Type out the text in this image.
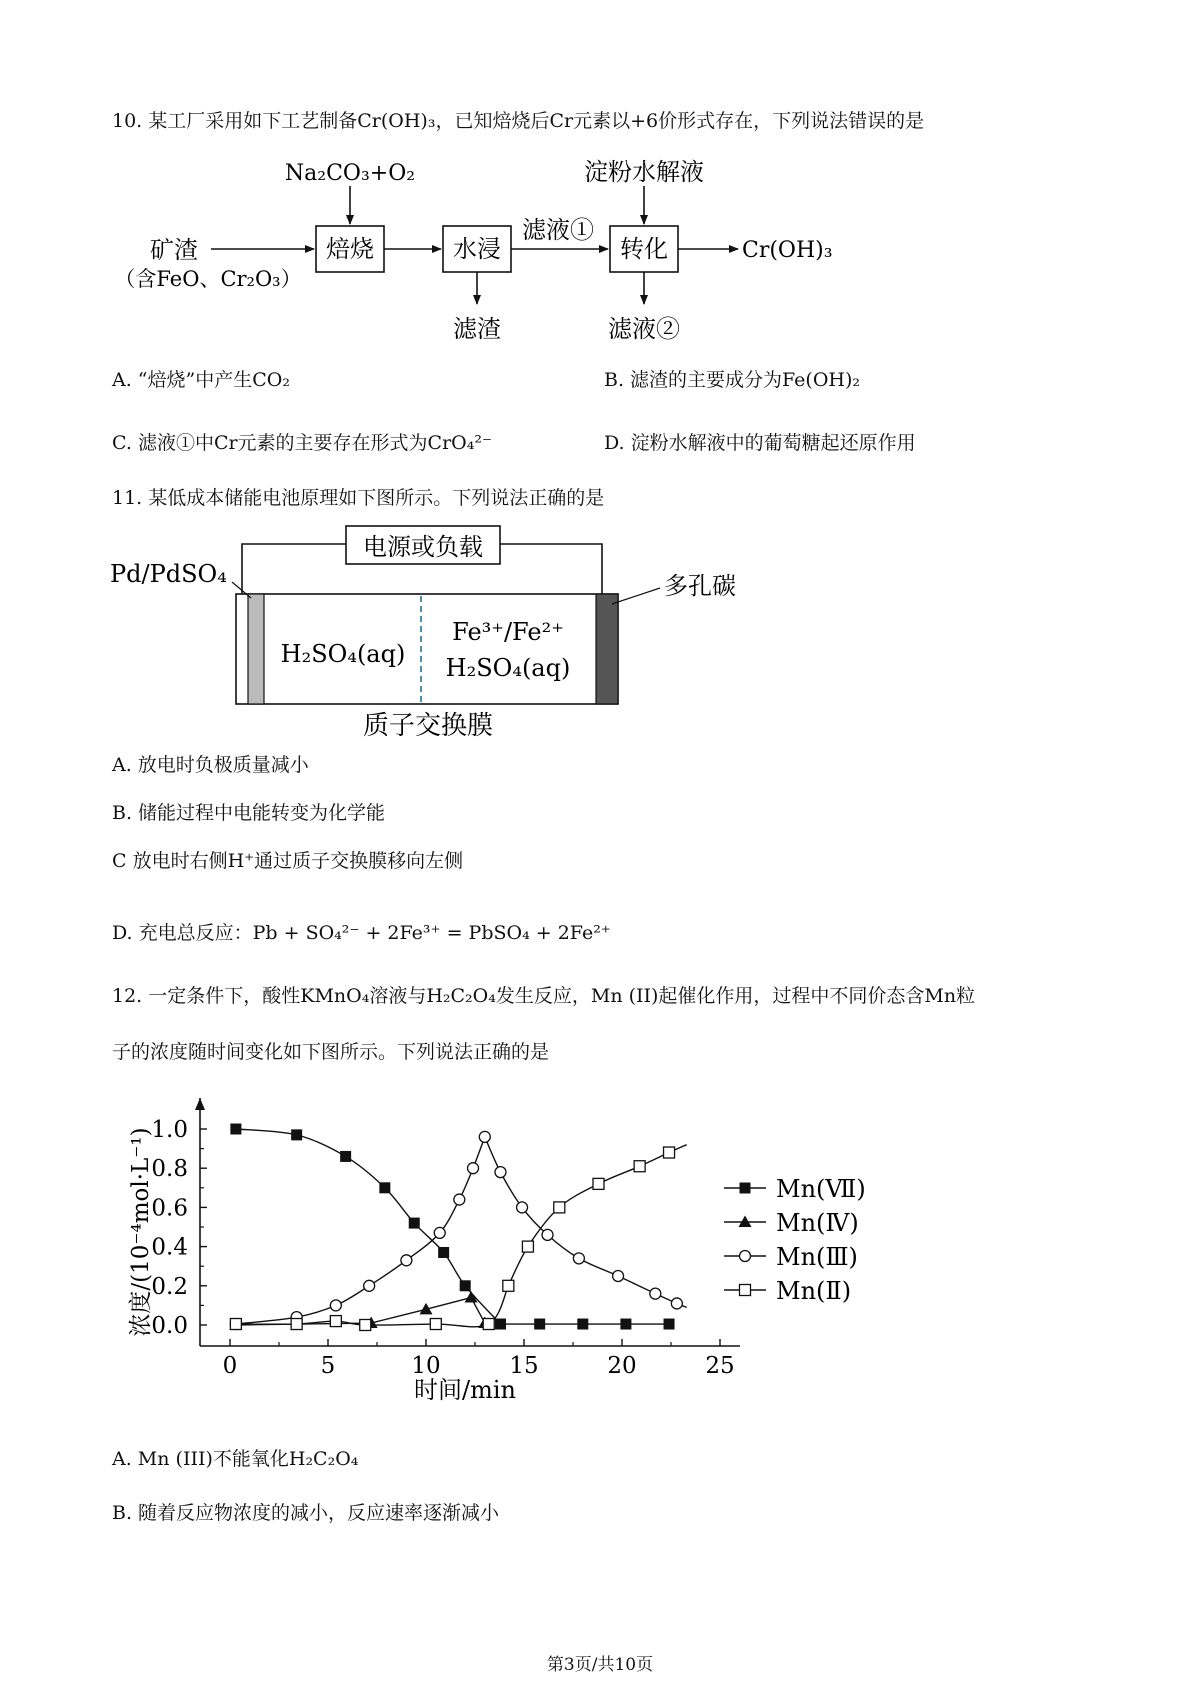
10. 某工厂采用如下工艺制备Cr(OH)₃，已知焙烧后Cr元素以+6价形式存在，下列说法错误的是
Na₂CO₃+O₂	淀粉水解液
矿渣
（含FeO、Cr₂O₃）
焙烧	水浸	转化
滤液①
Cr(OH)₃
滤渣	滤液②
A. “焙烧”中产生CO₂	B. 滤渣的主要成分为Fe(OH)₂
C. 滤液①中Cr元素的主要存在形式为CrO₄²⁻	D. 淀粉水解液中的葡萄糖起还原作用
11. 某低成本储能电池原理如下图所示。下列说法正确的是
电源或负载
Pd/PdSO₄	多孔碳
H₂SO₄(aq)
Fe³⁺/Fe²⁺
H₂SO₄(aq)
质子交换膜
A. 放电时负极质量减小
B. 储能过程中电能转变为化学能
C 放电时右侧H⁺通过质子交换膜移向左侧
D. 充电总反应：Pb + SO₄²⁻ + 2Fe³⁺ = PbSO₄ + 2Fe²⁺
12. 一定条件下，酸性KMnO₄溶液与H₂C₂O₄发生反应，Mn (II)起催化作用，过程中不同价态含Mn粒
子的浓度随时间变化如下图所示。下列说法正确的是
0	5	10	15	20	25
0.0
0.2
0.4
0.6
0.8
1.0
时间/min
浓度/(10⁻⁴mol·L⁻¹)	Mn(Ⅶ)
Mn(Ⅳ)
Mn(Ⅲ)
Mn(Ⅱ)
A. Mn (III)不能氧化H₂C₂O₄
B. 随着反应物浓度的减小，反应速率逐渐减小
第3页/共10页
